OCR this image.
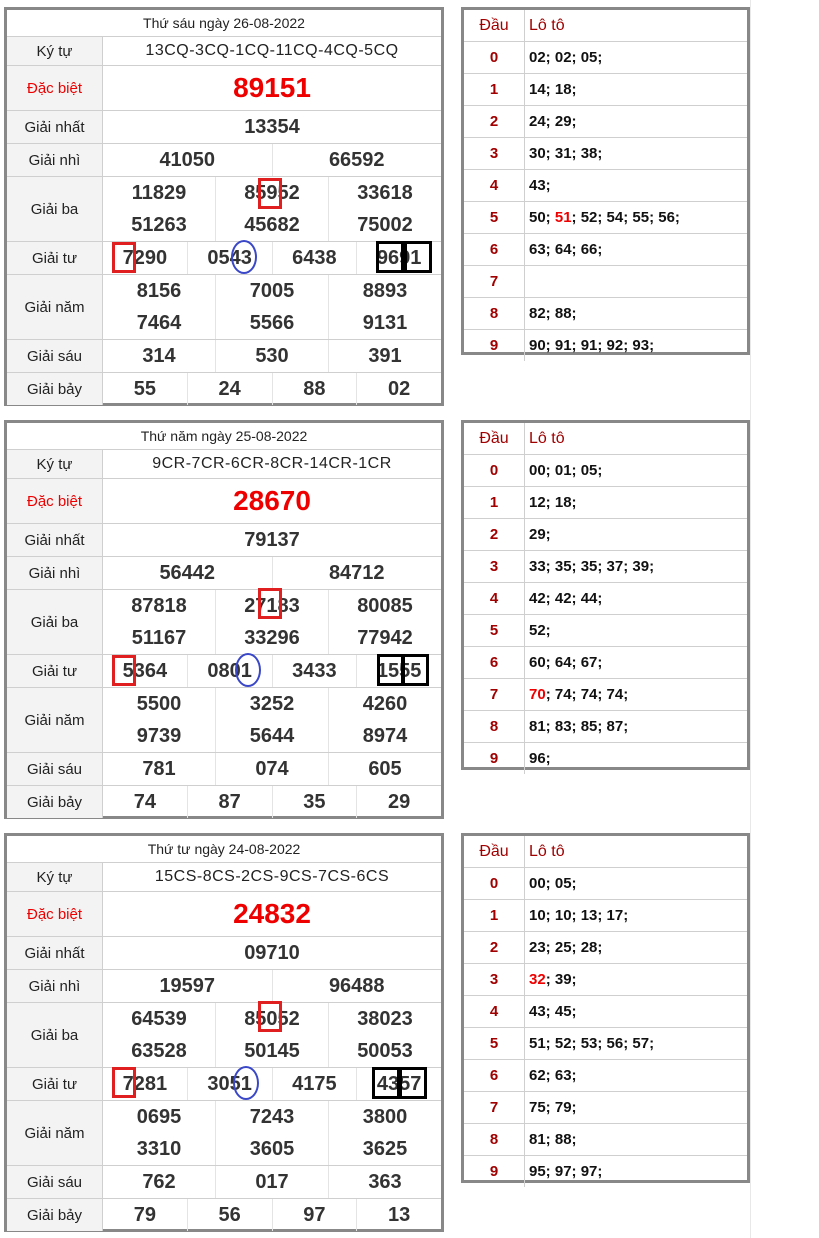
Thứ sáu ngày 26-08-2022
Ký tự	13CQ-3CQ-1CQ-11CQ-4CQ-5CQ
Đặc biệt	89151
Giải nhất	13354
Giải nhì	41050	66592
Giải ba
11829	85952	33618
51263	45682	75002
Giải tư	7290	0543	6438	9691
Giải năm
8156	7005	8893
7464	5566	9131
Giải sáu	314	530	391
Giải bảy	55	24	88	02
Đầu	Lô tô
0	02; 02; 05;
1	14; 18;
2	24; 29;
3	30; 31; 38;
4	43;
5	50; 51 ; 52; 54; 55; 56;
6	63; 64; 66;
7
8	82; 88;
9	90; 91; 91; 92; 93;
Thứ năm ngày 25-08-2022
Ký tự	9CR-7CR-6CR-8CR-14CR-1CR
Đặc biệt	28670
Giải nhất	79137
Giải nhì	56442	84712
Giải ba
87818	27183	80085
51167	33296	77942
Giải tư	5364	0801	3433	1555
Giải năm
5500	3252	4260
9739	5644	8974
Giải sáu	781	074	605
Giải bảy	74	87	35	29
Đầu	Lô tô
0	00; 01; 05;
1	12; 18;
2	29;
3	33; 35; 35; 37; 39;
4	42; 42; 44;
5	52;
6	60; 64; 67;
7	70 ; 74; 74; 74;
8	81; 83; 85; 87;
9	96;
Thứ tư ngày 24-08-2022
Ký tự	15CS-8CS-2CS-9CS-7CS-6CS
Đặc biệt	24832
Giải nhất	09710
Giải nhì	19597	96488
Giải ba
64539	85052	38023
63528	50145	50053
Giải tư	7281	3051	4175	4357
Giải năm
0695	7243	3800
3310	3605	3625
Giải sáu	762	017	363
Giải bảy	79	56	97	13
Đầu	Lô tô
0	00; 05;
1	10; 10; 13; 17;
2	23; 25; 28;
3	32 ; 39;
4	43; 45;
5	51; 52; 53; 56; 57;
6	62; 63;
7	75; 79;
8	81; 88;
9	95; 97; 97;
